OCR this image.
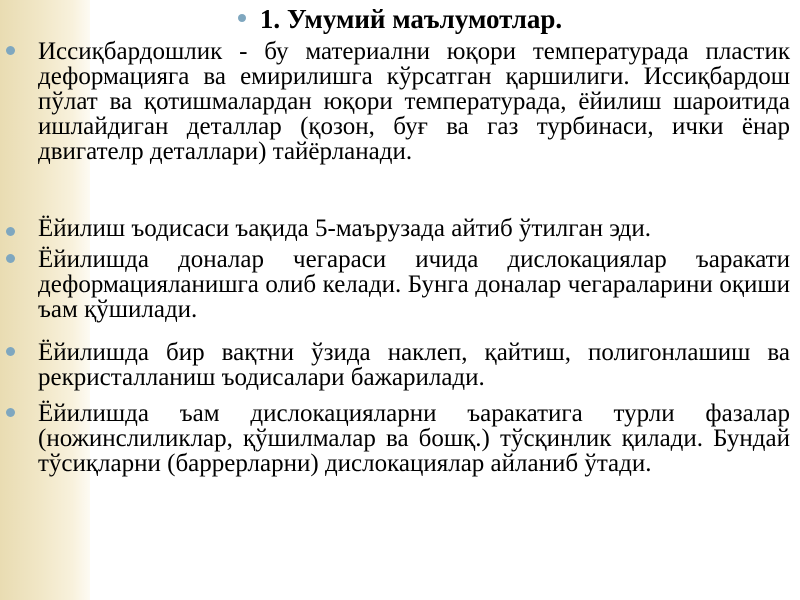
1. Умумий маълумотлар.
Иссиқбардошлик - бу материални юқори температурада пластик деформацияга ва емирилишга кўрсатган қаршилиги. Иссиқбардош пўлат ва қотишмалардан юқори температурада, ёйилиш шароитида ишлайдиган деталлар (қозон, буғ ва газ турбинаси, ички ёнар двигателр деталлари) тайёрланади.
Ёйилиш ъодисаси ъақида 5-маърузада айтиб ўтилган эди.
Ёйилишда доналар чегараси ичида дислокациялар ъаракати деформацияланишга олиб келади. Бунга доналар чегараларини оқиши ъам қўшилади.
Ёйилишда бир вақтни ўзида наклеп, қайтиш, полигонлашиш ва рекристалланиш ъодисалари бажарилади.
Ёйилишда ъам дислокацияларни ъаракатига турли фазалар (ножинслиликлар, қўшилмалар ва бошқ.) тўсқинлик қилади. Бундай тўсиқларни (баррерларни) дислокациялар айланиб ўтади.
